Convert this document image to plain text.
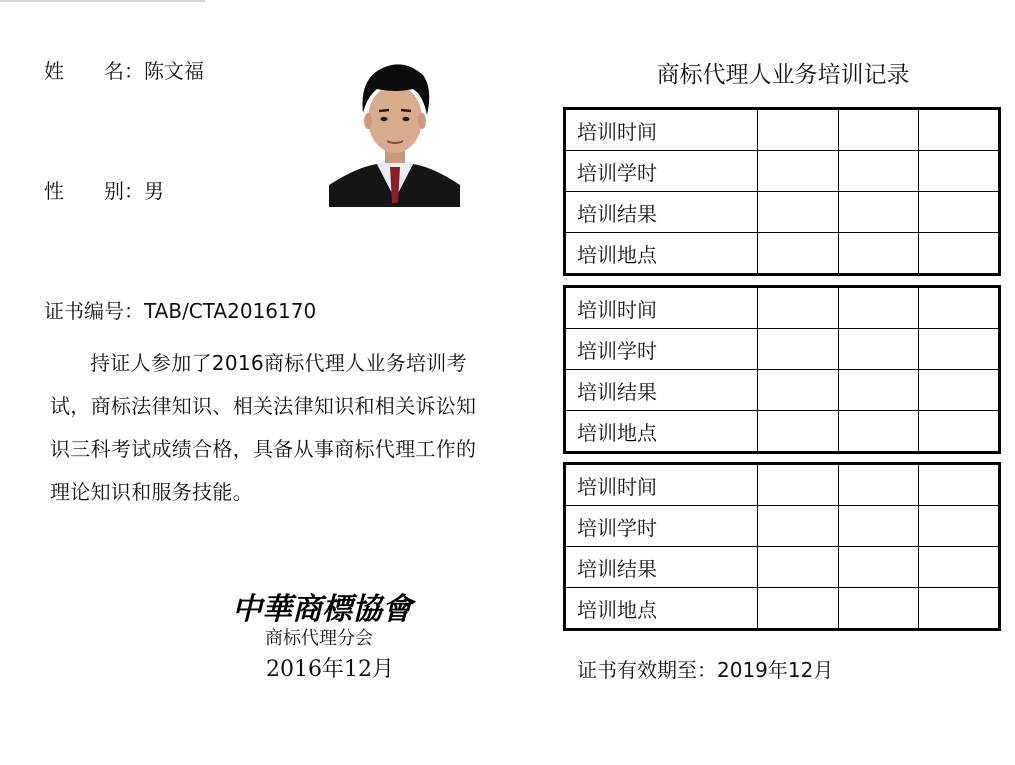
姓　　名：陈文福
性　　别：男
证书编号：TAB/CTA2016170
持证人参加了2016商标代理人业务培训考试，商标法律知识、相关法律知识和相关诉讼知识三科考试成绩合格，具备从事商标代理工作的理论知识和服务技能。
中華商標協會
商标代理分会
2016年12月
商标代理人业务培训记录
培训时间			
培训学时			
培训结果			
培训地点			
培训时间			
培训学时			
培训结果			
培训地点			
培训时间			
培训学时			
培训结果			
培训地点			
证书有效期至：2019年12月
